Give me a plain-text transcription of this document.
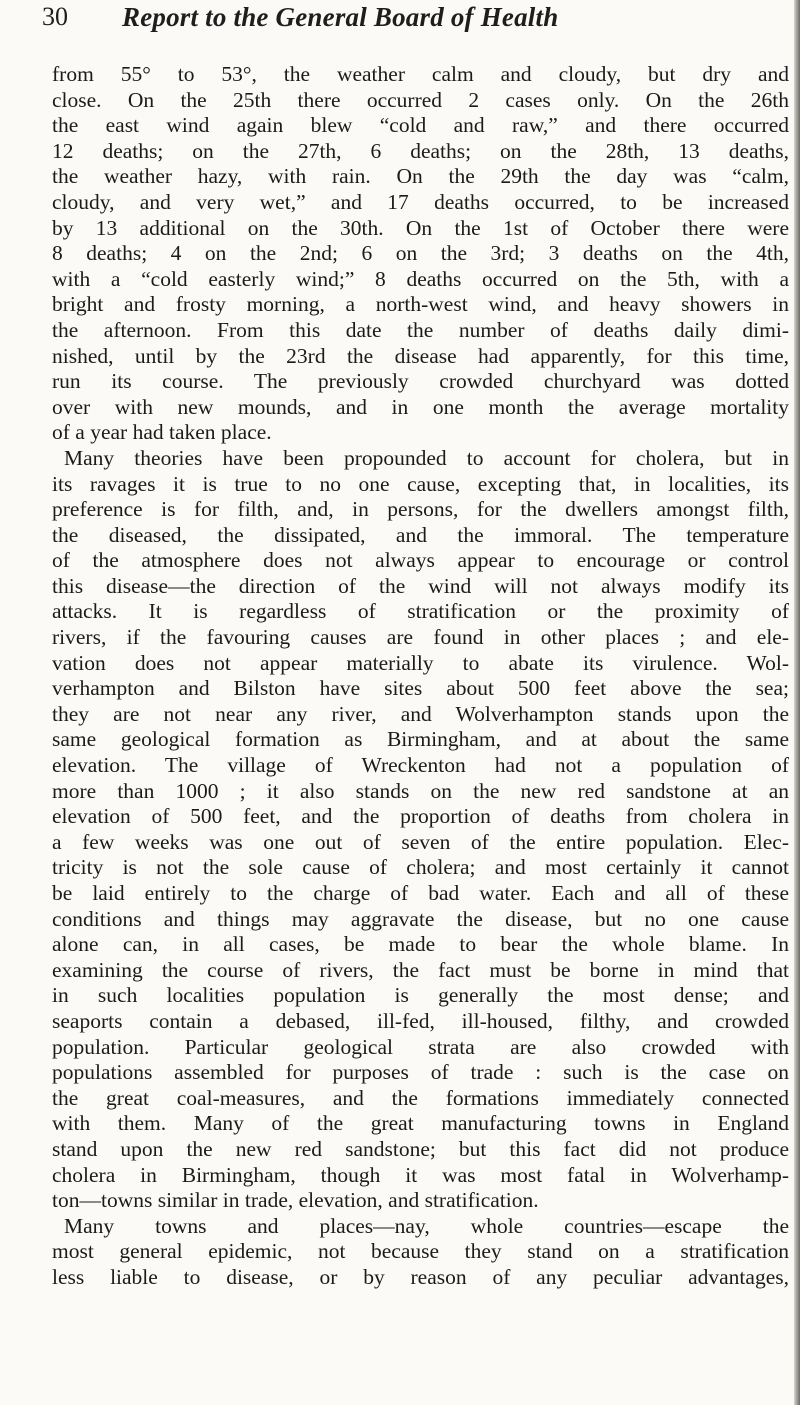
30 Report to the General Board of Health
from 55° to 53°, the weather calm and cloudy, but dry and
close. On the 25th there occurred 2 cases only. On the 26th
the east wind again blew “cold and raw,” and there occurred
12 deaths; on the 27th, 6 deaths; on the 28th, 13 deaths,
the weather hazy, with rain. On the 29th the day was “calm,
cloudy, and very wet,” and 17 deaths occurred, to be increased
by 13 additional on the 30th. On the 1st of October there were
8 deaths; 4 on the 2nd; 6 on the 3rd; 3 deaths on the 4th,
with a “cold easterly wind;” 8 deaths occurred on the 5th, with a
bright and frosty morning, a north-west wind, and heavy showers in
the afternoon. From this date the number of deaths daily dimi-
nished, until by the 23rd the disease had apparently, for this time,
run its course. The previously crowded churchyard was dotted
over with new mounds, and in one month the average mortality
of a year had taken place.
Many theories have been propounded to account for cholera, but in
its ravages it is true to no one cause, excepting that, in localities, its
preference is for filth, and, in persons, for the dwellers amongst filth,
the diseased, the dissipated, and the immoral. The temperature
of the atmosphere does not always appear to encourage or control
this disease—the direction of the wind will not always modify its
attacks. It is regardless of stratification or the proximity of
rivers, if the favouring causes are found in other places ; and ele-
vation does not appear materially to abate its virulence. Wol-
verhampton and Bilston have sites about 500 feet above the sea;
they are not near any river, and Wolverhampton stands upon the
same geological formation as Birmingham, and at about the same
elevation. The village of Wreckenton had not a population of
more than 1000 ; it also stands on the new red sandstone at an
elevation of 500 feet, and the proportion of deaths from cholera in
a few weeks was one out of seven of the entire population. Elec-
tricity is not the sole cause of cholera; and most certainly it cannot
be laid entirely to the charge of bad water. Each and all of these
conditions and things may aggravate the disease, but no one cause
alone can, in all cases, be made to bear the whole blame. In
examining the course of rivers, the fact must be borne in mind that
in such localities population is generally the most dense; and
seaports contain a debased, ill-fed, ill-housed, filthy, and crowded
population. Particular geological strata are also crowded with
populations assembled for purposes of trade : such is the case on
the great coal-measures, and the formations immediately connected
with them. Many of the great manufacturing towns in England
stand upon the new red sandstone; but this fact did not produce
cholera in Birmingham, though it was most fatal in Wolverhamp-
ton—towns similar in trade, elevation, and stratification.
Many towns and places—nay, whole countries—escape the
most general epidemic, not because they stand on a stratification
less liable to disease, or by reason of any peculiar advantages,
